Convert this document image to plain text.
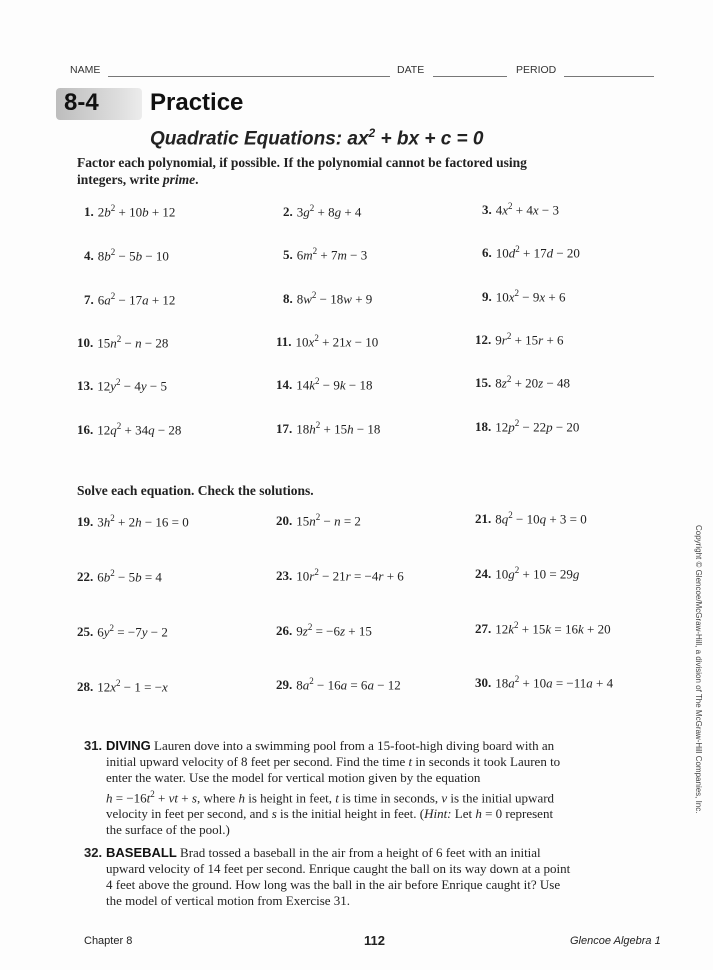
NAME	DATE	PERIOD
8-4 Practice
Quadratic Equations: $ax^2$ + bx + c = 0
Factor each polynomial, if possible. If the polynomial cannot be factored using
integers, write prime.
1. $2b^2 + 10b + 12$	2. $3g^2 + 8g + 4$	3. $4x^2 + 4x - 3$
4. $8b^2 - 5b - 10$	5. $6m^2 + 7m - 3$	6. $10d^2 + 17d - 20$
7. $6a^2 - 17a + 12$	8. $8w^2 - 18w + 9$	9. $10x^2 - 9x + 6$
10. $15n^2 - n - 28$	11. $10x^2 + 21x - 10$	12. $9r^2 + 15r + 6$
13. $12y^2 - 4y - 5$	14. $14k^2 - 9k - 18$	15. $8z^2 + 20z - 48$
16. $12q^2 + 34q - 28$	17. $18h^2 + 15h - 18$	18. $12p^2 - 22p - 20$
Solve each equation. Check the solutions.
19. $3h^2 + 2h - 16 = 0$	20. $15n^2 - n = 2$	21. $8q^2 - 10q + 3 = 0$
22. $6b^2 - 5b = 4$	23. $10r^2 - 21r = -4r + 6$	24. $10g^2 + 10 = 29g$
25. $6y^2 = -7y - 2$	26. $9z^2 = -6z + 15$	27. $12k^2 + 15k = 16k + 20$
28. $12x^2 - 1 = -x$	29. $8a^2 - 16a = 6a - 12$	30. $18a^2 + 10a = -11a + 4$
31. DIVING Lauren dove into a swimming pool from a 15-foot-high diving board with an
initial upward velocity of 8 feet per second. Find the time t in seconds it took Lauren to
enter the water. Use the model for vertical motion given by the equation
$h = -16t^2$ + vt + s, where h is height in feet, t is time in seconds, v is the initial upward
velocity in feet per second, and s is the initial height in feet. (Hint: Let h = 0 represent
the surface of the pool.)
32. BASEBALL Brad tossed a baseball in the air from a height of 6 feet with an initial
upward velocity of 14 feet per second. Enrique caught the ball on its way down at a point
4 feet above the ground. How long was the ball in the air before Enrique caught it? Use
the model of vertical motion from Exercise 31.
Copyright © Glencoe/McGraw-Hill, a division of The McGraw-Hill Companies, Inc.
Chapter 8	112	Glencoe Algebra 1
